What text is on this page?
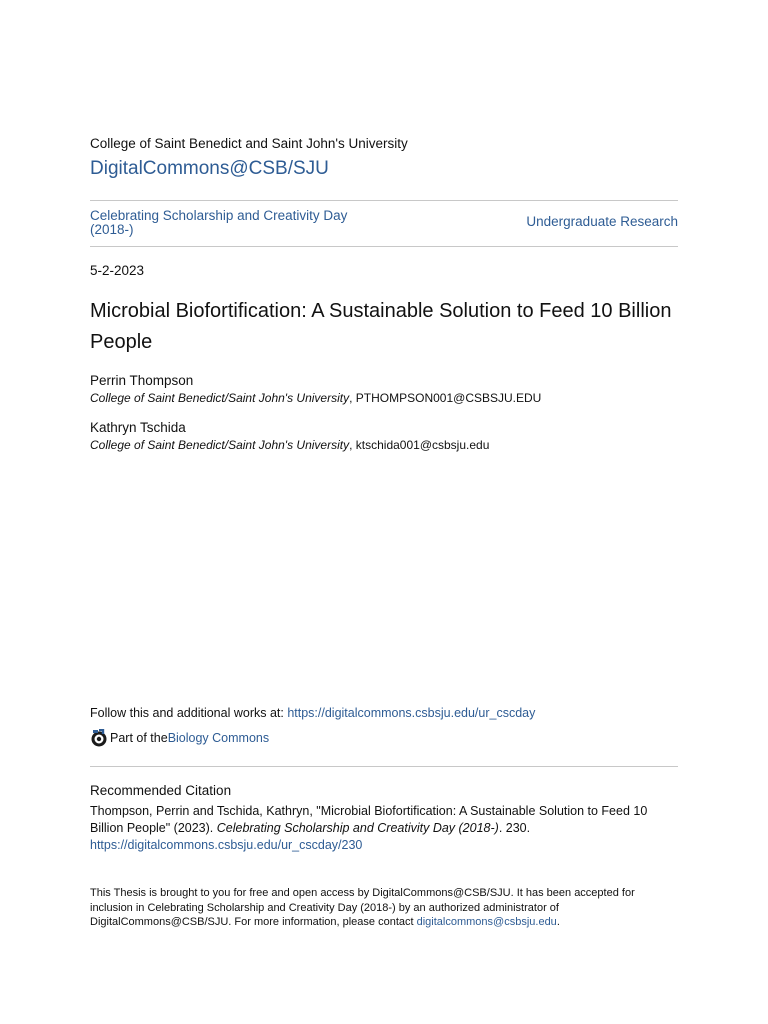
College of Saint Benedict and Saint John's University
DigitalCommons@CSB/SJU
Celebrating Scholarship and Creativity Day (2018-)
Undergraduate Research
5-2-2023
Microbial Biofortification: A Sustainable Solution to Feed 10 Billion People
Perrin Thompson
College of Saint Benedict/Saint John's University, PTHOMPSON001@CSBSJU.EDU
Kathryn Tschida
College of Saint Benedict/Saint John's University, ktschida001@csbsju.edu
Follow this and additional works at: https://digitalcommons.csbsju.edu/ur_cscday
Part of the Biology Commons
Recommended Citation
Thompson, Perrin and Tschida, Kathryn, "Microbial Biofortification: A Sustainable Solution to Feed 10 Billion People" (2023). Celebrating Scholarship and Creativity Day (2018-). 230.
https://digitalcommons.csbsju.edu/ur_cscday/230
This Thesis is brought to you for free and open access by DigitalCommons@CSB/SJU. It has been accepted for inclusion in Celebrating Scholarship and Creativity Day (2018-) by an authorized administrator of DigitalCommons@CSB/SJU. For more information, please contact digitalcommons@csbsju.edu.
